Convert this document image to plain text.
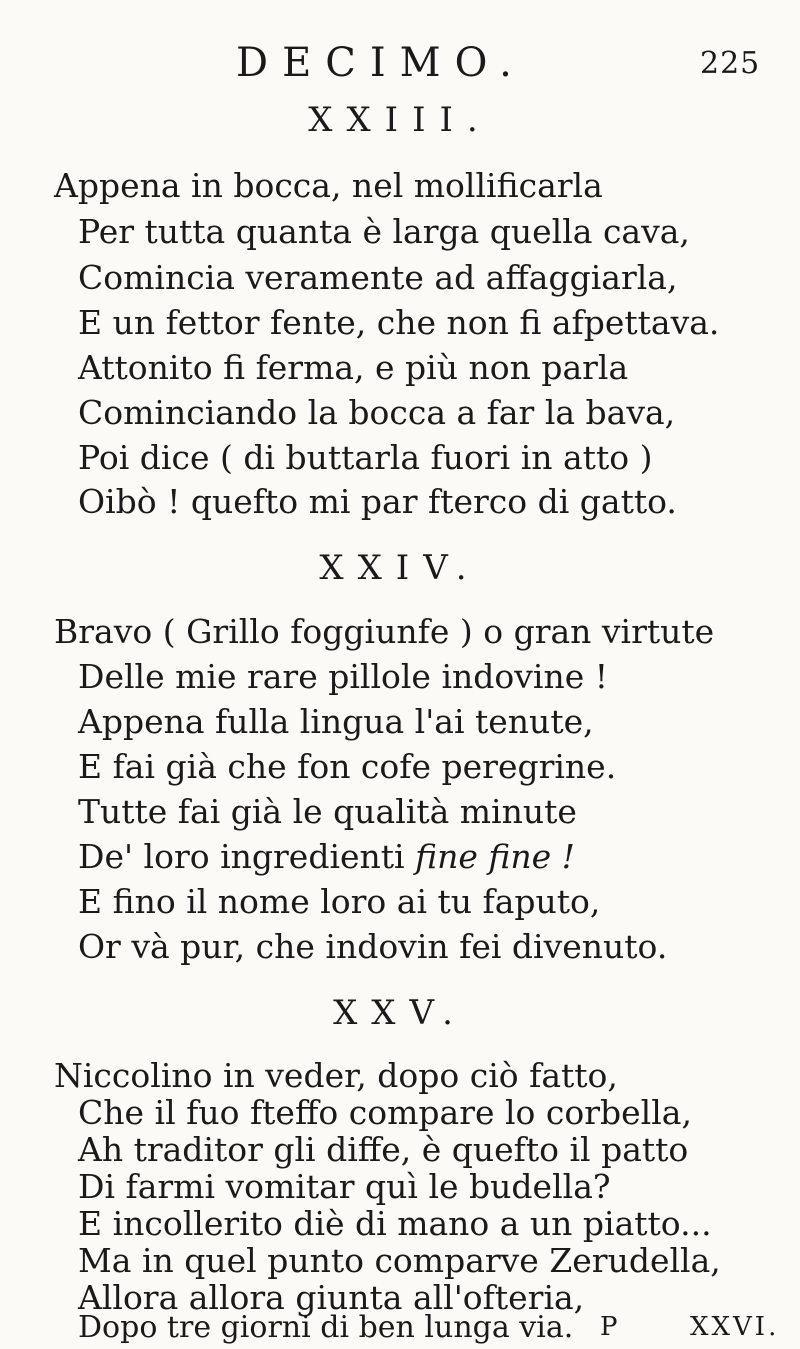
DECIMO.	225
XXIII.
Appena in bocca, nel mollificarla
Per tutta quanta è larga quella cava,
Comincia veramente ad affaggiarla,
E un fettor fente, che non fi afpettava.
Attonito fi ferma, e più non parla
Cominciando la bocca a far la bava,
Poi dice ( di buttarla fuori in atto )
Oibò ! quefto mi par fterco di gatto.
XXIV.
Bravo ( Grillo foggiunfe ) o gran virtute
Delle mie rare pillole indovine !
Appena fulla lingua l'ai tenute,
E fai già che fon cofe peregrine.
Tutte fai già le qualità minute
De' loro ingredienti fine fine !
E fino il nome loro ai tu faputo,
Or và pur, che indovin fei divenuto.
XXV.
Niccolino in veder, dopo ciò fatto,
Che il fuo fteffo compare lo corbella,
Ah traditor gli diffe, è quefto il patto
Di farmi vomitar quì le budella?
E incollerito diè di mano a un piatto...
Ma in quel punto comparve Zerudella,
Allora allora giunta all'ofteria,
Dopo tre giorni di ben lunga via.	P	XXVI.
